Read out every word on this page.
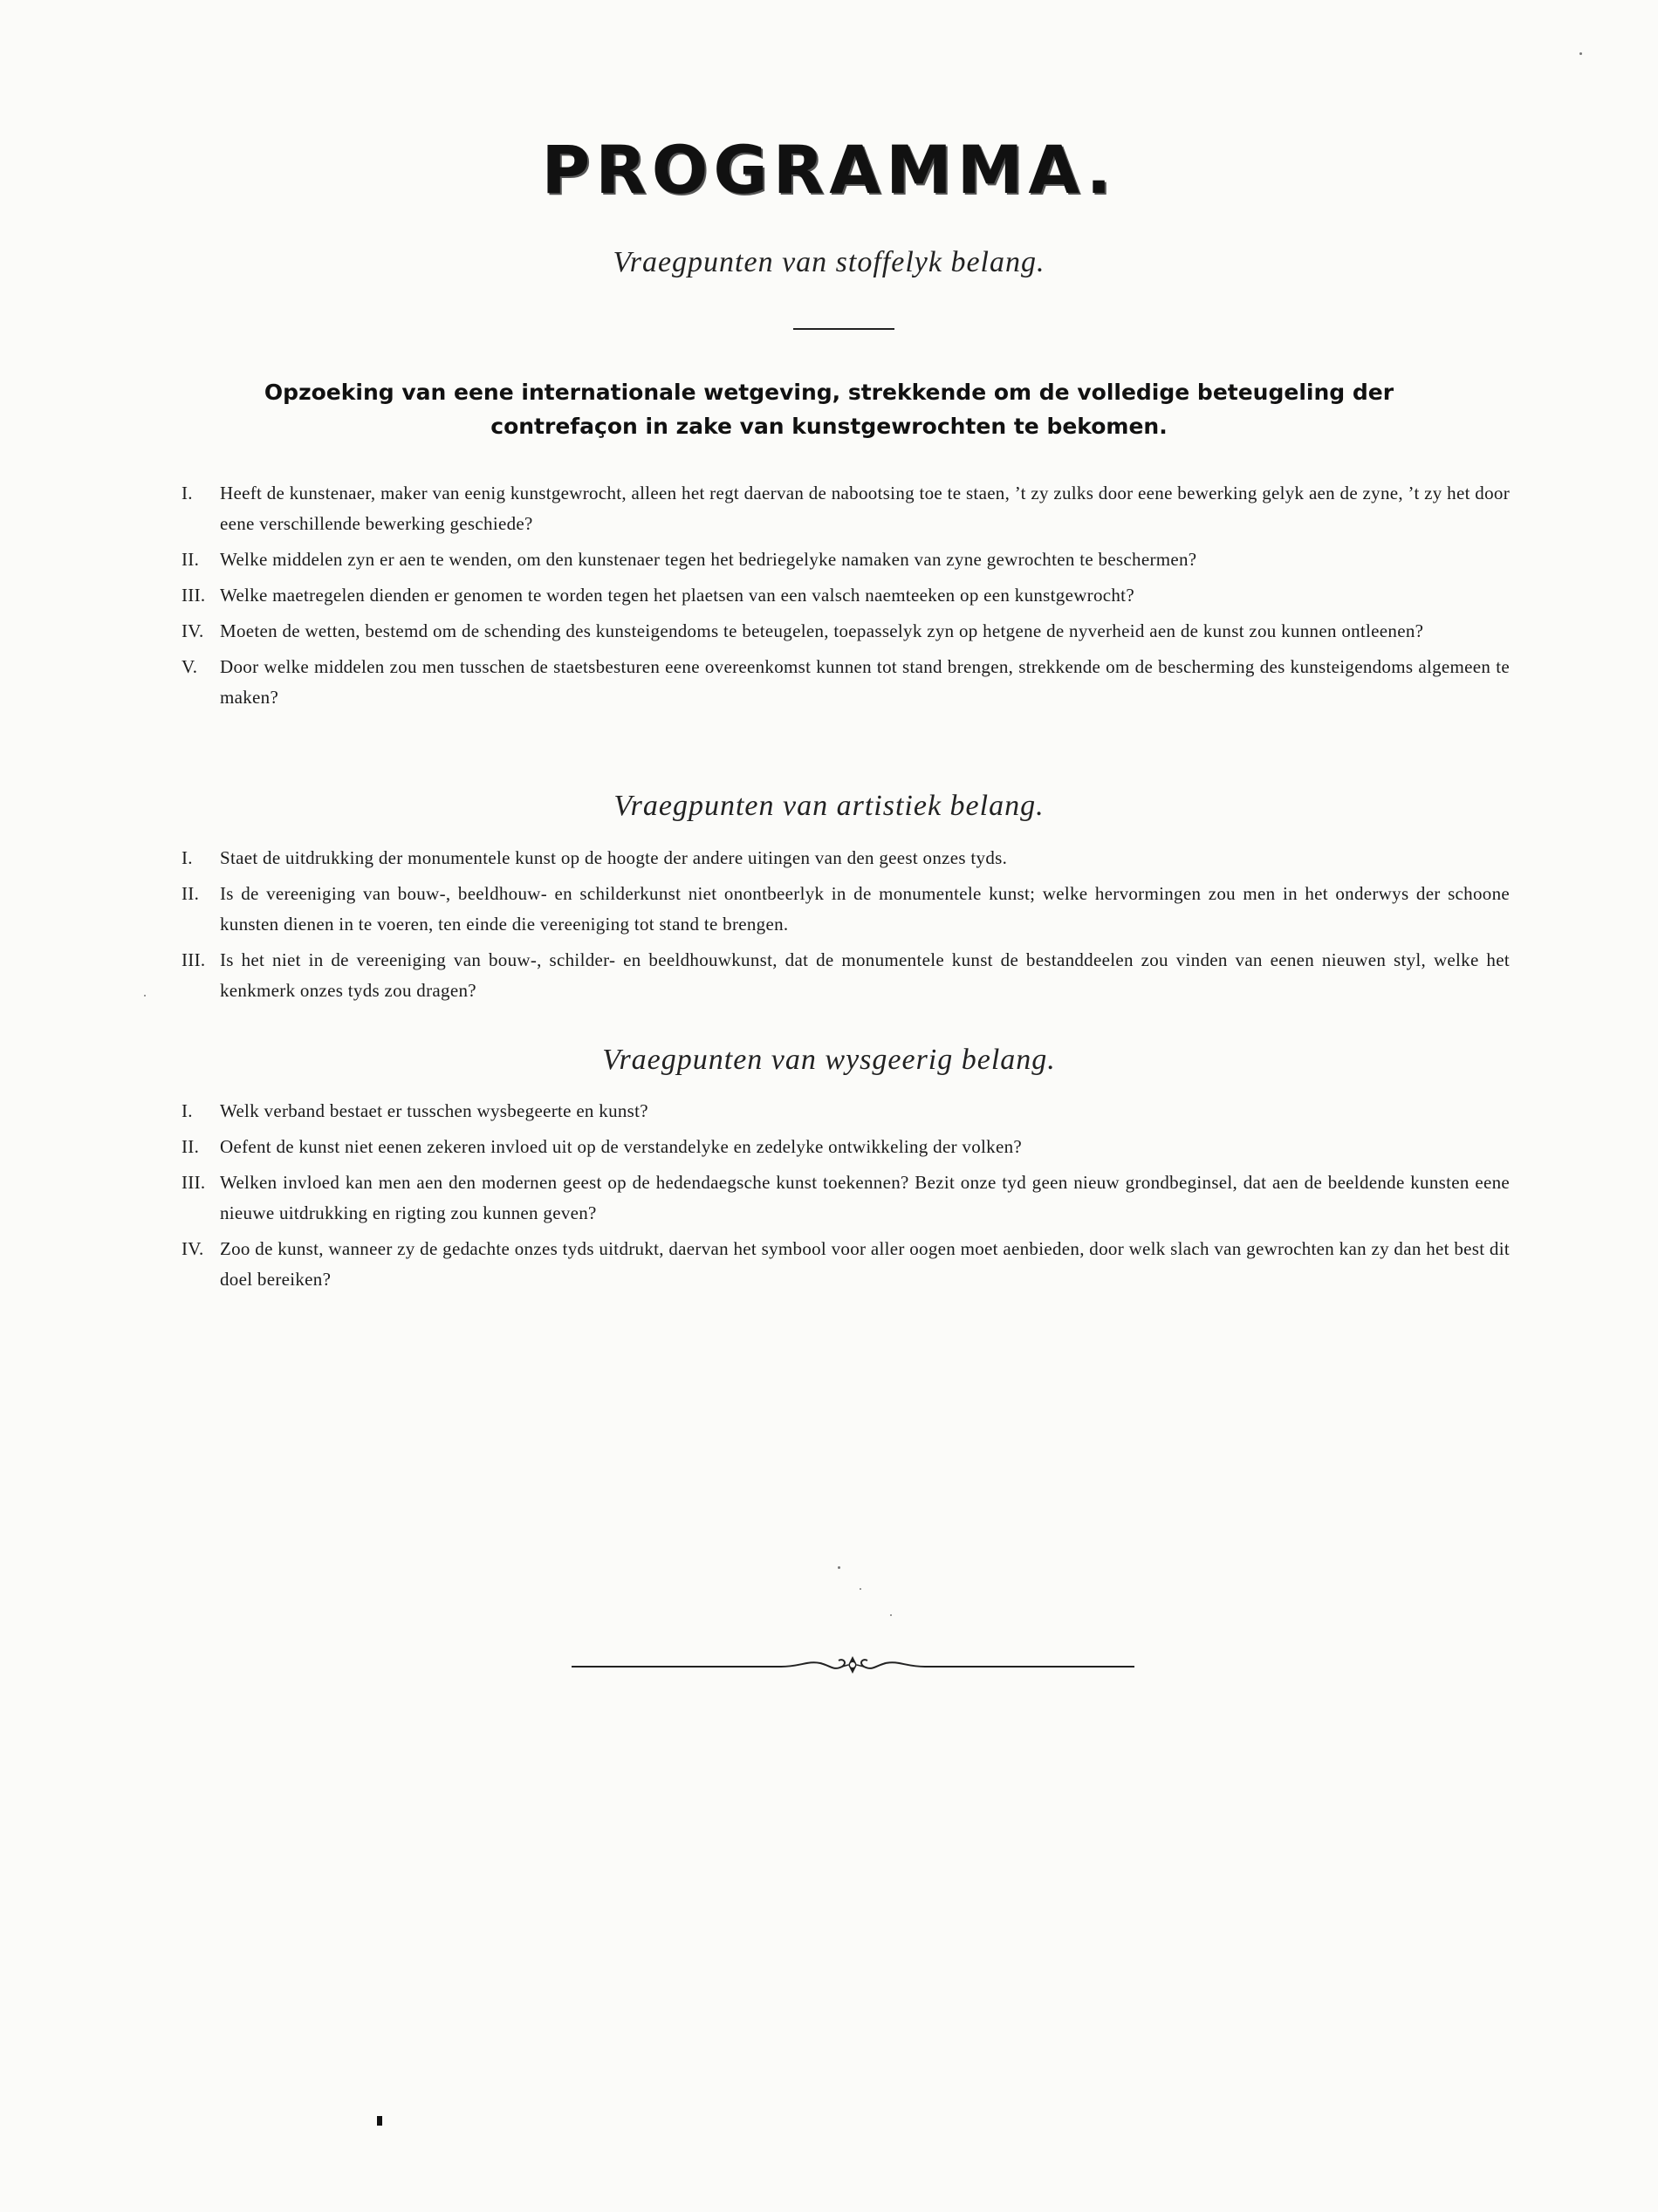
PROGRAMMA.
Vraegpunten van stoffelyk belang.
Opzoeking van eene internationale wetgeving, strekkende om de volledige beteugeling der contrefaçon in zake van kunstgewrochten te bekomen.
I.	Heeft de kunstenaer, maker van eenig kunstgewrocht, alleen het regt daervan de nabootsing toe te staen, ’t zy zulks door eene bewerking gelyk aen de zyne, ’t zy het door eene verschillende bewerking geschiede?
II.	Welke middelen zyn er aen te wenden, om den kunstenaer tegen het bedriegelyke namaken van zyne gewrochten te beschermen?
III. Welke maetregelen dienden er genomen te worden tegen het plaetsen van een valsch naemteeken op een kunstgewrocht?
IV. Moeten de wetten, bestemd om de schending des kunsteigendoms te beteugelen, toepasselyk zyn op hetgene de nyverheid aen de kunst zou kunnen ontleenen?
V.	Door welke middelen zou men tusschen de staetsbesturen eene overeenkomst kunnen tot stand brengen, strekkende om de bescherming des kunsteigendoms algemeen te maken?
Vraegpunten van artistiek belang.
I.	Staet de uitdrukking der monumentele kunst op de hoogte der andere uitingen van den geest onzes tyds.
II.	Is de vereeniging van bouw-, beeldhouw- en schilderkunst niet onontbeerlyk in de monumentele kunst; welke hervormingen zou men in het onderwys der schoone kunsten dienen in te voeren, ten einde die vereeniging tot stand te brengen.
III. Is het niet in de vereeniging van bouw-, schilder- en beeldhouwkunst, dat de monumentele kunst de bestanddeelen zou vinden van eenen nieuwen styl, welke het kenkmerk onzes tyds zou dragen?
Vraegpunten van wysgeerig belang.
I.	Welk verband bestaet er tusschen wysbegeerte en kunst?
II.	Oefent de kunst niet eenen zekeren invloed uit op de verstandelyke en zedelyke ontwikkeling der volken?
III. Welken invloed kan men aen den modernen geest op de hedendaegsche kunst toekennen? Bezit onze tyd geen nieuw grondbeginsel, dat aen de beeldende kunsten eene nieuwe uitdrukking en rigting zou kunnen geven?
IV. Zoo de kunst, wanneer zy de gedachte onzes tyds uitdrukt, daervan het symbool voor aller oogen moet aenbieden, door welk slach van gewrochten kan zy dan het best dit doel bereiken?
